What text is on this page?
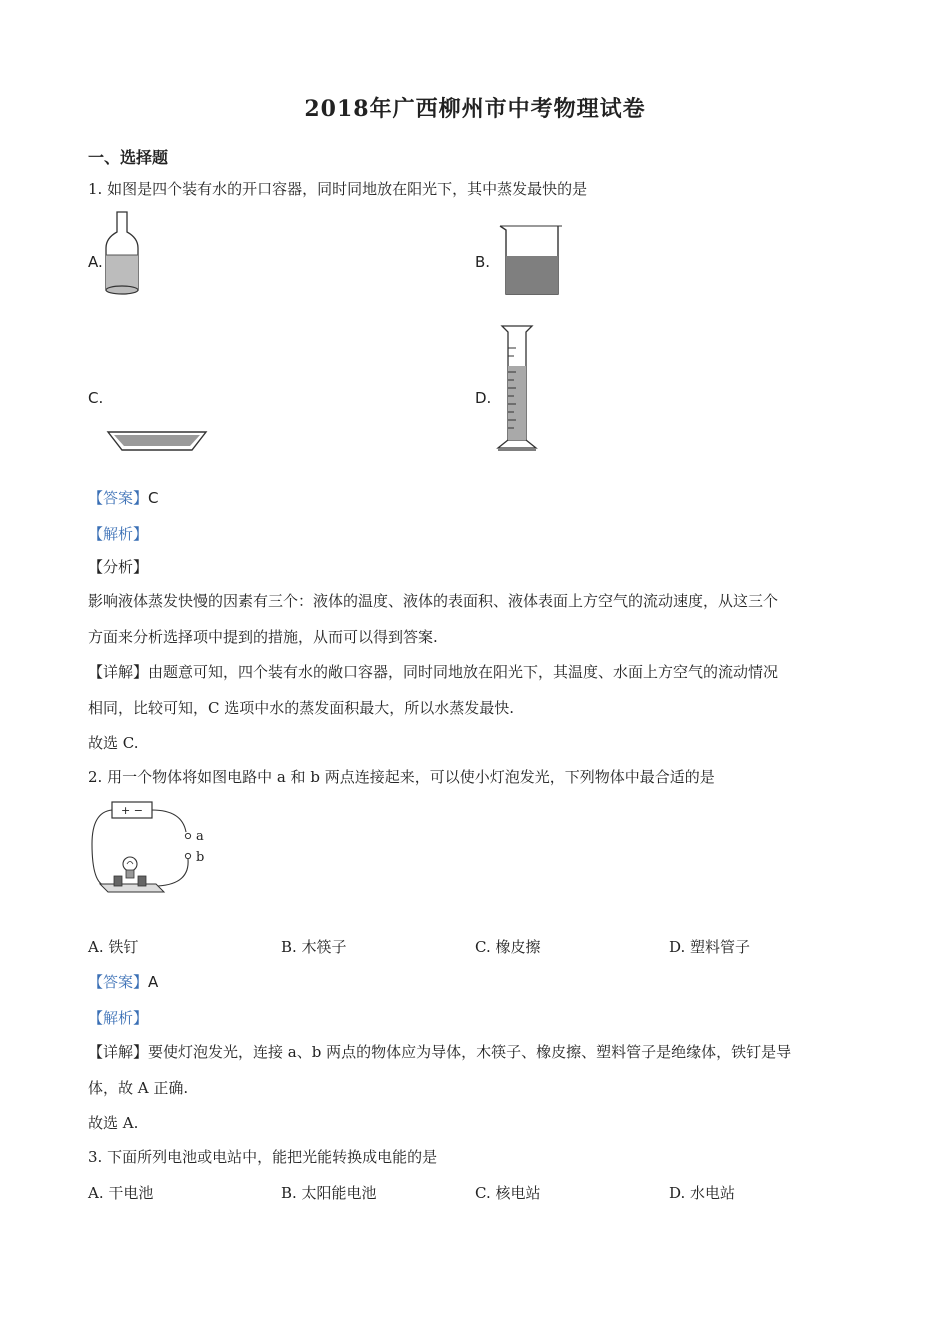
2018年广西柳州市中考物理试卷
一、选择题
1. 如图是四个装有水的开口容器，同时同地放在阳光下，其中蒸发最快的是
A.	B.
C.	D.
【答案】C
【解析】
【分析】
影响液体蒸发快慢的因素有三个：液体的温度、液体的表面积、液体表面上方空气的流动速度，从这三个
方面来分析选择项中提到的措施，从而可以得到答案.
【详解】由题意可知，四个装有水的敞口容器，同时同地放在阳光下，其温度、水面上方空气的流动情况
相同，比较可知，C 选项中水的蒸发面积最大，所以水蒸发最快.
故选 C.
2. 用一个物体将如图电路中 a 和 b 两点连接起来，可以使小灯泡发光，下列物体中最合适的是
+ −
a
b
A. 铁钉	B. 木筷子	C. 橡皮擦	D. 塑料管子
【答案】A
【解析】
【详解】要使灯泡发光，连接 a、b 两点的物体应为导体，木筷子、橡皮擦、塑料管子是绝缘体，铁钉是导
体，故 A 正确.
故选 A.
3. 下面所列电池或电站中，能把光能转换成电能的是
A. 干电池	B. 太阳能电池	C. 核电站	D. 水电站
